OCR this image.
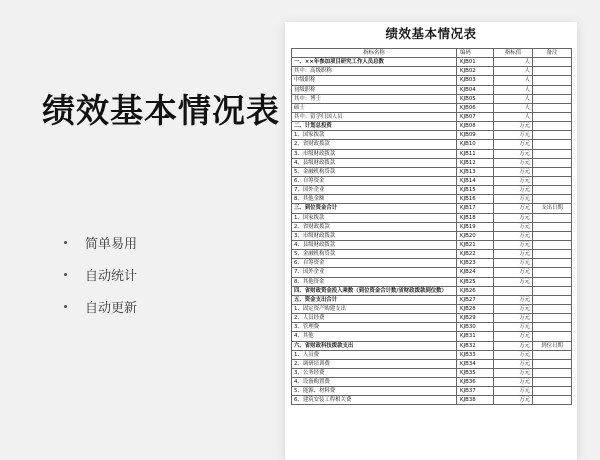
绩效基本情况表
简单易用
自动统计
自动更新
绩效基本情况表
指标名称	编码	指标值	备注
一、××年参加项目研究工作人员总数	KJB01	人	
其中：高级职称	KJB02	人	
中级职称	KJB03	人	
初级职称	KJB04	人	
其中：博士	KJB05	人	
硕士	KJB06	人	
其中：留学归国人员	KJB07	人	
二、计划总投资	KJB08	万元	
1、国家拨款	KJB09	万元	
2、省财政拨款	KJB10	万元	
3、市级财政拨款	KJB11	万元	
4、县级财政拨款	KJB12	万元	
5、金融机构贷款	KJB13	万元	
6、自筹资金	KJB14	万元	
7、国外企业	KJB15	万元	
8、其他金额	KJB16	万元	
三、到位资金合计	KJB17	万元	支出日期
1、国家拨款	KJB18	万元	
2、省财政拨款	KJB19	万元	
3、市级财政拨款	KJB20	万元	
4、县级财政拨款	KJB21	万元	
5、金融机构贷款	KJB22	万元	
6、自筹资金	KJB23	万元	
7、国外企业	KJB24	万元	
8、其他资金	KJB25	万元	
四、省财政资金投入乘数（到位资金合计数/省财政拨款到位数）	KJB26		
五、资金支出合计	KJB27	万元	
1、固定资产购建支出	KJB28	万元	
2、人员经费	KJB29	万元	
3、管理费	KJB30	万元	
4、其他	KJB31	万元	
六、省财政科技拨款支出	KJB32	万元	到位日期
1、人员费	KJB33	万元	
2、调研培训费	KJB34	万元	
3、公务经费	KJB35	万元	
4、设备购置费	KJB36	万元	
5、能源、材料费	KJB37	万元	
6、建筑安装工程相关费	KJB38	万元	
